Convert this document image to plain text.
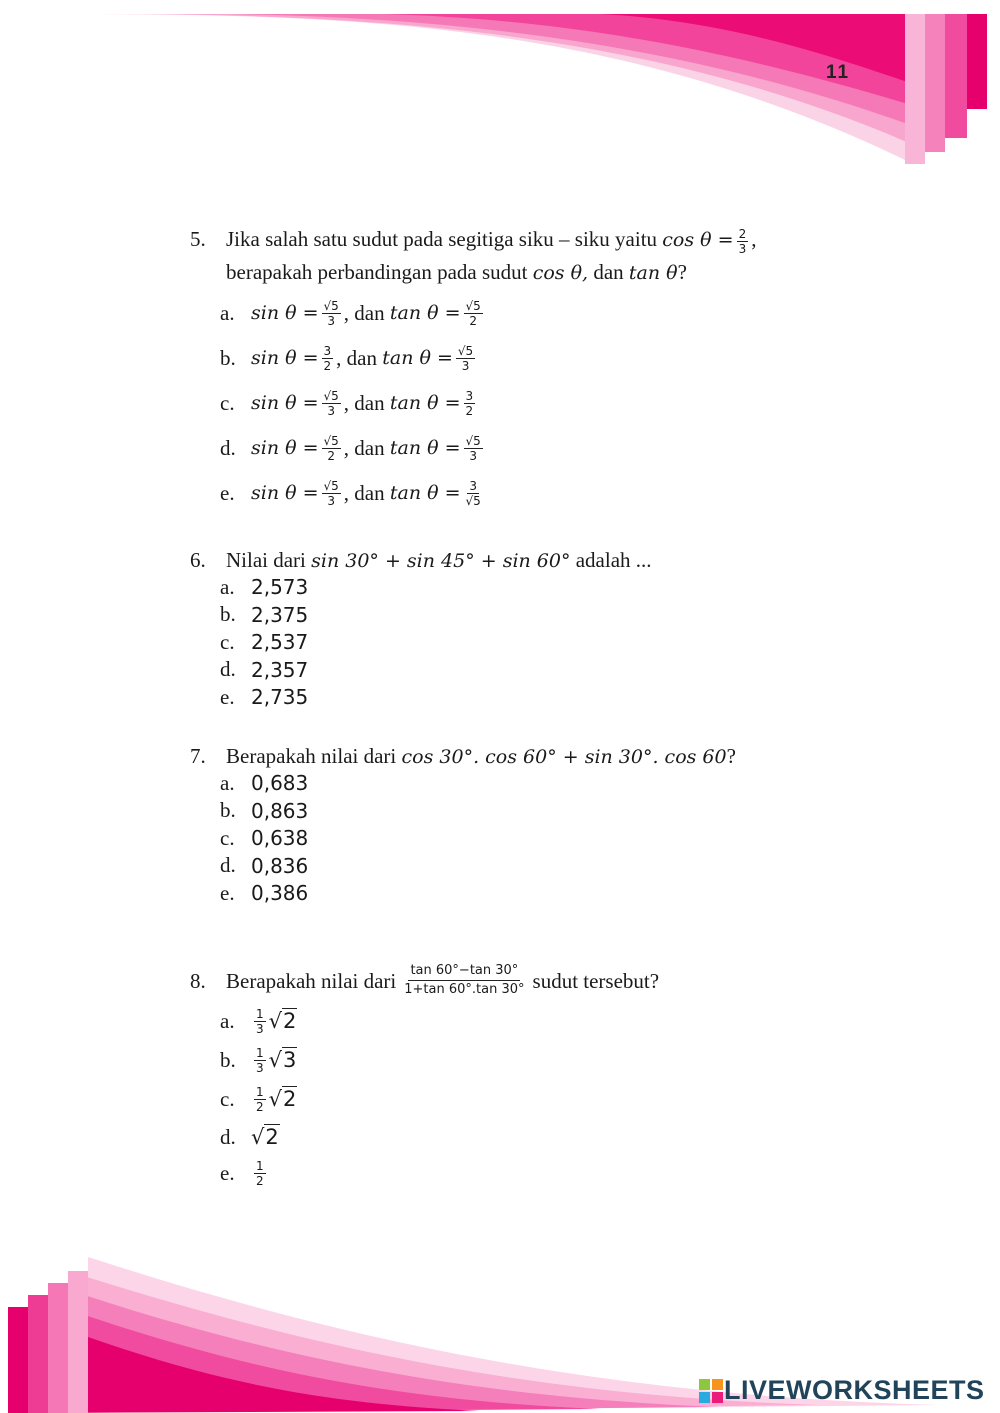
11
5. Jika salah satu sudut pada segitiga siku – siku yaitu $\cos \theta = \frac{2}{3}$ ,
berapakah perbandingan pada sudut cos θ, dan tan θ?
a. $\sin \theta = \frac{√5}{3}$ , dan $\tan \theta = \frac{√5}{2}$
b. $\sin \theta = \frac{3}{2}$ , dan $\tan \theta = \frac{√5}{3}$
c. $\sin \theta = \frac{√5}{3}$ , dan $\tan \theta = \frac{3}{2}$
d. $\sin \theta = \frac{√5}{2}$ , dan $\tan \theta = \frac{√5}{3}$
e. $\sin \theta = \frac{√5}{3}$ , dan $\tan \theta = \frac{3}{√5}$
6. Nilai dari sin 30° + sin 45° + sin 60° adalah ...
a. 2,573
b. 2,375
c. 2,537
d. 2,357
e. 2,735
7. Berapakah nilai dari cos 30°. cos 60° + sin 30°. cos 60?
a. 0,683
b. 0,863
c. 0,638
d. 0,836
e. 0,386
8. Berapakah nilai dari $\frac{\tan 60^\circ-\tan 30^\circ}{1+\tan 60^\circ.\tan 30^\circ}$ sudut tersebut?
a.	$\frac{1}{3} √2$
b.	$\frac{1}{3} √3$
c.	$\frac{1}{2} √2$
d. √2
e.	$\frac{1}{2}$
LIVEWORKSHEETS
